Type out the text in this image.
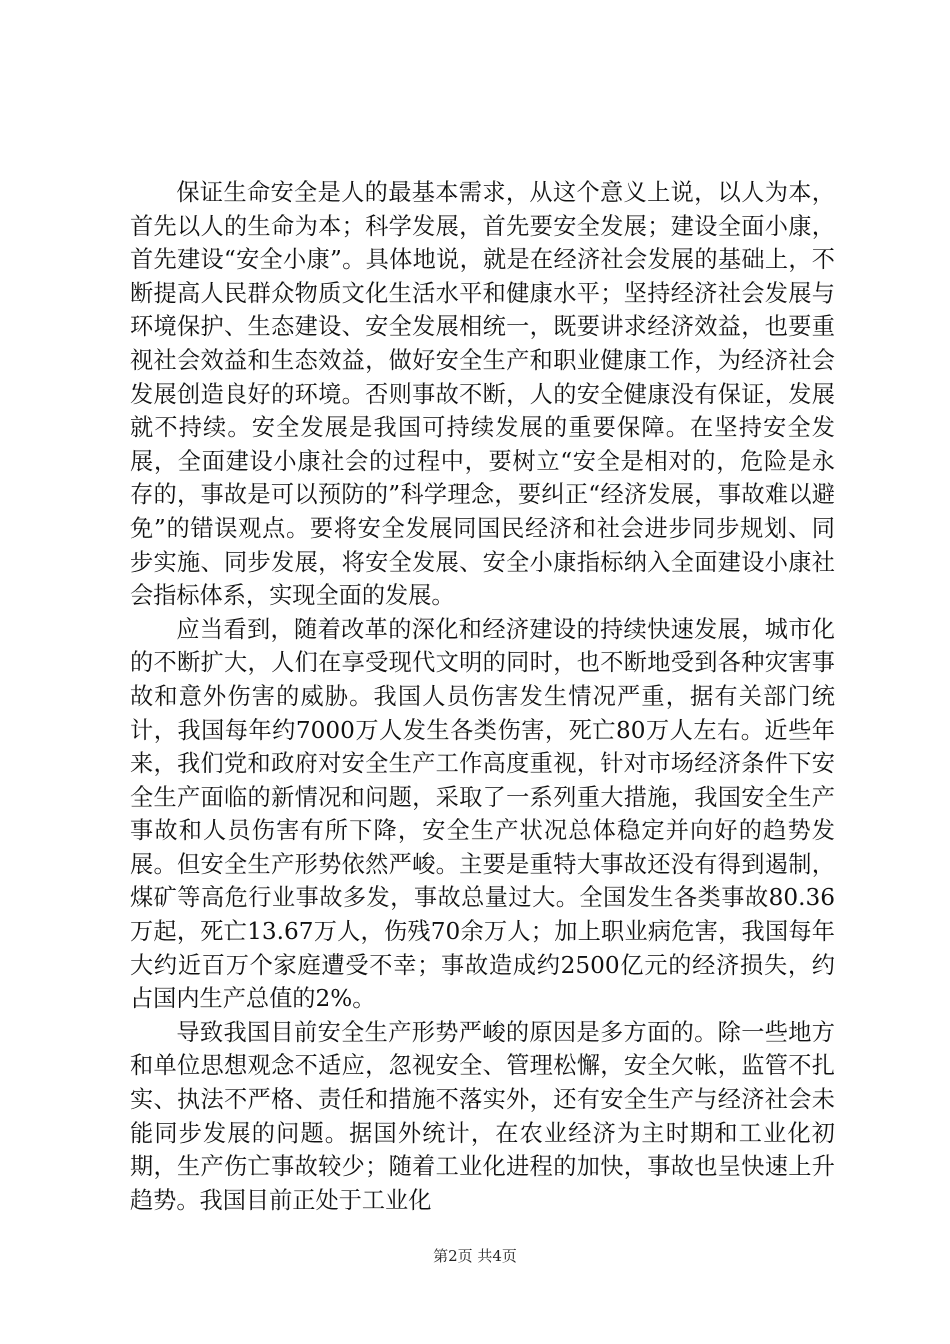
保证生命安全是人的最基本需求，从这个意义上说，以人为本，首先以人的生命为本；科学发展，首先要安全发展；建设全面小康，首先建设“安全小康”。具体地说，就是在经济社会发展的基础上，不断提高人民群众物质文化生活水平和健康水平；坚持经济社会发展与环境保护、生态建设、安全发展相统一，既要讲求经济效益，也要重视社会效益和生态效益，做好安全生产和职业健康工作，为经济社会发展创造良好的环境。否则事故不断，人的安全健康没有保证，发展就不持续。安全发展是我国可持续发展的重要保障。在坚持安全发展，全面建设小康社会的过程中，要树立“安全是相对的，危险是永存的，事故是可以预防的”科学理念，要纠正“经济发展，事故难以避免”的错误观点。要将安全发展同国民经济和社会进步同步规划、同步实施、同步发展，将安全发展、安全小康指标纳入全面建设小康社会指标体系，实现全面的发展。

应当看到，随着改革的深化和经济建设的持续快速发展，城市化的不断扩大，人们在享受现代文明的同时，也不断地受到各种灾害事故和意外伤害的威胁。我国人员伤害发生情况严重，据有关部门统计，我国每年约7000万人发生各类伤害，死亡80万人左右。近些年来，我们党和政府对安全生产工作高度重视，针对市场经济条件下安全生产面临的新情况和问题，采取了一系列重大措施，我国安全生产事故和人员伤害有所下降，安全生产状况总体稳定并向好的趋势发展。但安全生产形势依然严峻。主要是重特大事故还没有得到遏制，煤矿等高危行业事故多发，事故总量过大。全国发生各类事故80.36万起，死亡13.67万人，伤残70余万人；加上职业病危害，我国每年大约近百万个家庭遭受不幸；事故造成约2500亿元的经济损失，约占国内生产总值的2%。

导致我国目前安全生产形势严峻的原因是多方面的。除一些地方和单位思想观念不适应，忽视安全、管理松懈，安全欠帐，监管不扎实、执法不严格、责任和措施不落实外，还有安全生产与经济社会未能同步发展的问题。据国外统计，在农业经济为主时期和工业化初期，生产伤亡事故较少；随着工业化进程的加快，事故也呈快速上升趋势。我国目前正处于工业化

第2页 共4页
